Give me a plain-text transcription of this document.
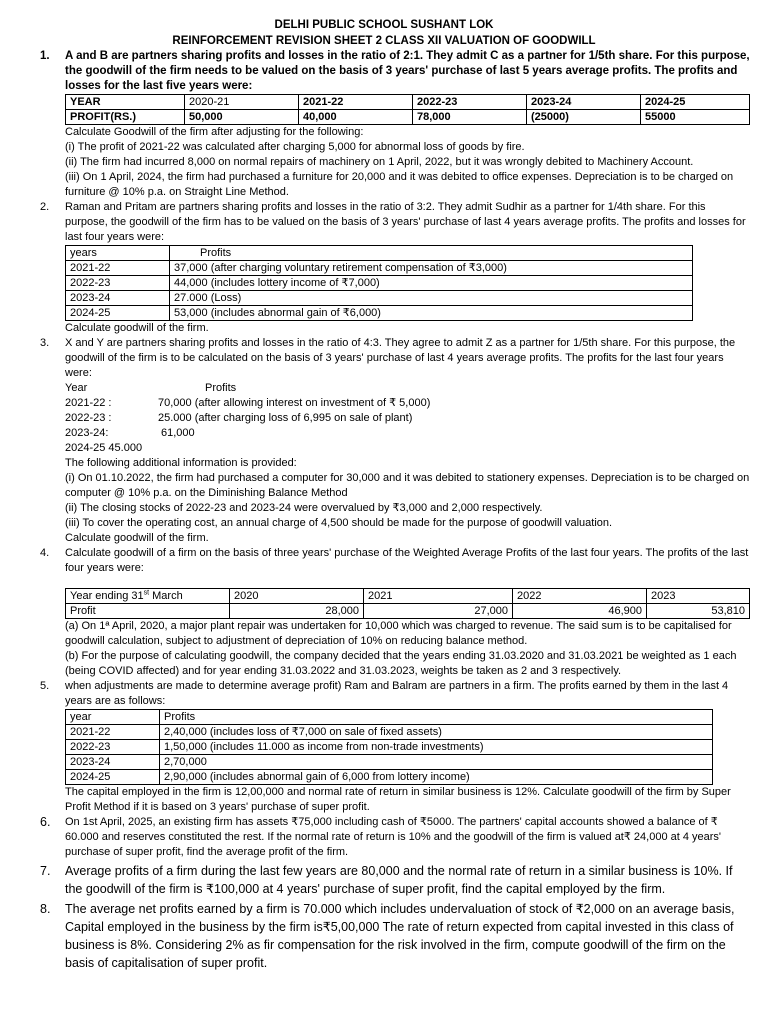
DELHI PUBLIC SCHOOL SUSHANT LOK
REINFORCEMENT REVISION SHEET 2 CLASS XII VALUATION OF GOODWILL
1. A and B are partners sharing profits and losses in the ratio of 2:1. They admit C as a partner for 1/5th share. For this purpose, the goodwill of the firm needs to be valued on the basis of 3 years' purchase of last 5 years average profits. The profits and losses for the last five years were:
YEAR	2020-21	2021-22	2022-23	2023-24	2024-25
PROFIT(RS.)	50,000	40,000	78,000	(25000)	55000
Calculate Goodwill of the firm after adjusting for the following:
(i) The profit of 2021-22 was calculated after charging 5,000 for abnormal loss of goods by fire.
(ii) The firm had incurred 8,000 on normal repairs of machinery on 1 April, 2022, but it was wrongly debited to Machinery Account.
(iii) On 1 April, 2024, the firm had purchased a furniture for 20,000 and it was debited to office expenses. Depreciation is to be charged on furniture @ 10% p.a. on Straight Line Method.
2. Raman and Pritam are partners sharing profits and losses in the ratio of 3:2. They admit Sudhir as a partner for 1/4th share. For this purpose, the goodwill of the firm has to be valued on the basis of 3 years' purchase of last 4 years average profits. The profits and losses for last four years were:
years	Profits
2021-22	37,000 (after charging voluntary retirement compensation of ₹3,000)
2022-23	44,000 (includes lottery income of ₹7,000)
2023-24	27.000 (Loss)
2024-25	53,000 (includes abnormal gain of ₹6,000)
Calculate goodwill of the firm.
3. X and Y are partners sharing profits and losses in the ratio of 4:3. They agree to admit Z as a partner for 1/5th share. For this purpose, the goodwill of the firm is to be calculated on the basis of 3 years' purchase of last 4 years average profits. The profits for the last four years were:
Year	Profits
2021-22 :	70,000 (after allowing interest on investment of ₹ 5,000)
2022-23 :	25.000 (after charging loss of 6,995 on sale of plant)
2023-24:	61,000
2024-25 45.000
The following additional information is provided:
(i) On 01.10.2022, the firm had purchased a computer for 30,000 and it was debited to stationery expenses. Depreciation is to be charged on computer @ 10% p.a. on the Diminishing Balance Method
(ii) The closing stocks of 2022-23 and 2023-24 were overvalued by ₹3,000 and 2,000 respectively.
(iii) To cover the operating cost, an annual charge of 4,500 should be made for the purpose of goodwill valuation.
Calculate goodwill of the firm.
4. Calculate goodwill of a firm on the basis of three years' purchase of the Weighted Average Profits of the last four years. The profits of the last four years were:
Year ending 31st March	2020	2021	2022	2023
Profit	28,000	27,000	46,900	53,810
(a) On 1ª April, 2020, a major plant repair was undertaken for 10,000 which was charged to revenue. The said sum is to be capitalised for goodwill calculation, subject to adjustment of depreciation of 10% on reducing balance method.
(b) For the purpose of calculating goodwill, the company decided that the years ending 31.03.2020 and 31.03.2021 be weighted as 1 each (being COVID affected) and for year ending 31.03.2022 and 31.03.2023, weights be taken as 2 and 3 respectively.
5. when adjustments are made to determine average profit) Ram and Balram are partners in a firm. The profits earned by them in the last 4 years are as follows:
year	Profits
2021-22	2,40,000 (includes loss of ₹7,000 on sale of fixed assets)
2022-23	1,50,000 (includes 11.000 as income from non-trade investments)
2023-24	2,70,000
2024-25	2,90,000 (includes abnormal gain of 6,000 from lottery income)
The capital employed in the firm is 12,00,000 and normal rate of return in similar business is 12%. Calculate goodwill of the firm by Super Profit Method if it is based on 3 years' purchase of super profit.
6. On 1st April, 2025, an existing firm has assets ₹75,000 including cash of ₹5000. The partners' capital accounts showed a balance of ₹ 60.000 and reserves constituted the rest. If the normal rate of return is 10% and the goodwill of the firm is valued at₹ 24,000 at 4 years' purchase of super profit, find the average profit of the firm.
7. Average profits of a firm during the last few years are 80,000 and the normal rate of return in a similar business is 10%. If the goodwill of the firm is ₹100,000 at 4 years' purchase of super profit, find the capital employed by the firm.
8. The average net profits earned by a firm is 70.000 which includes undervaluation of stock of ₹2,000 on an average basis, Capital employed in the business by the firm is₹5,00,000 The rate of return expected from capital invested in this class of business is 8%. Considering 2% as fir compensation for the risk involved in the firm, compute goodwill of the firm on the basis of capitalisation of super profit.
